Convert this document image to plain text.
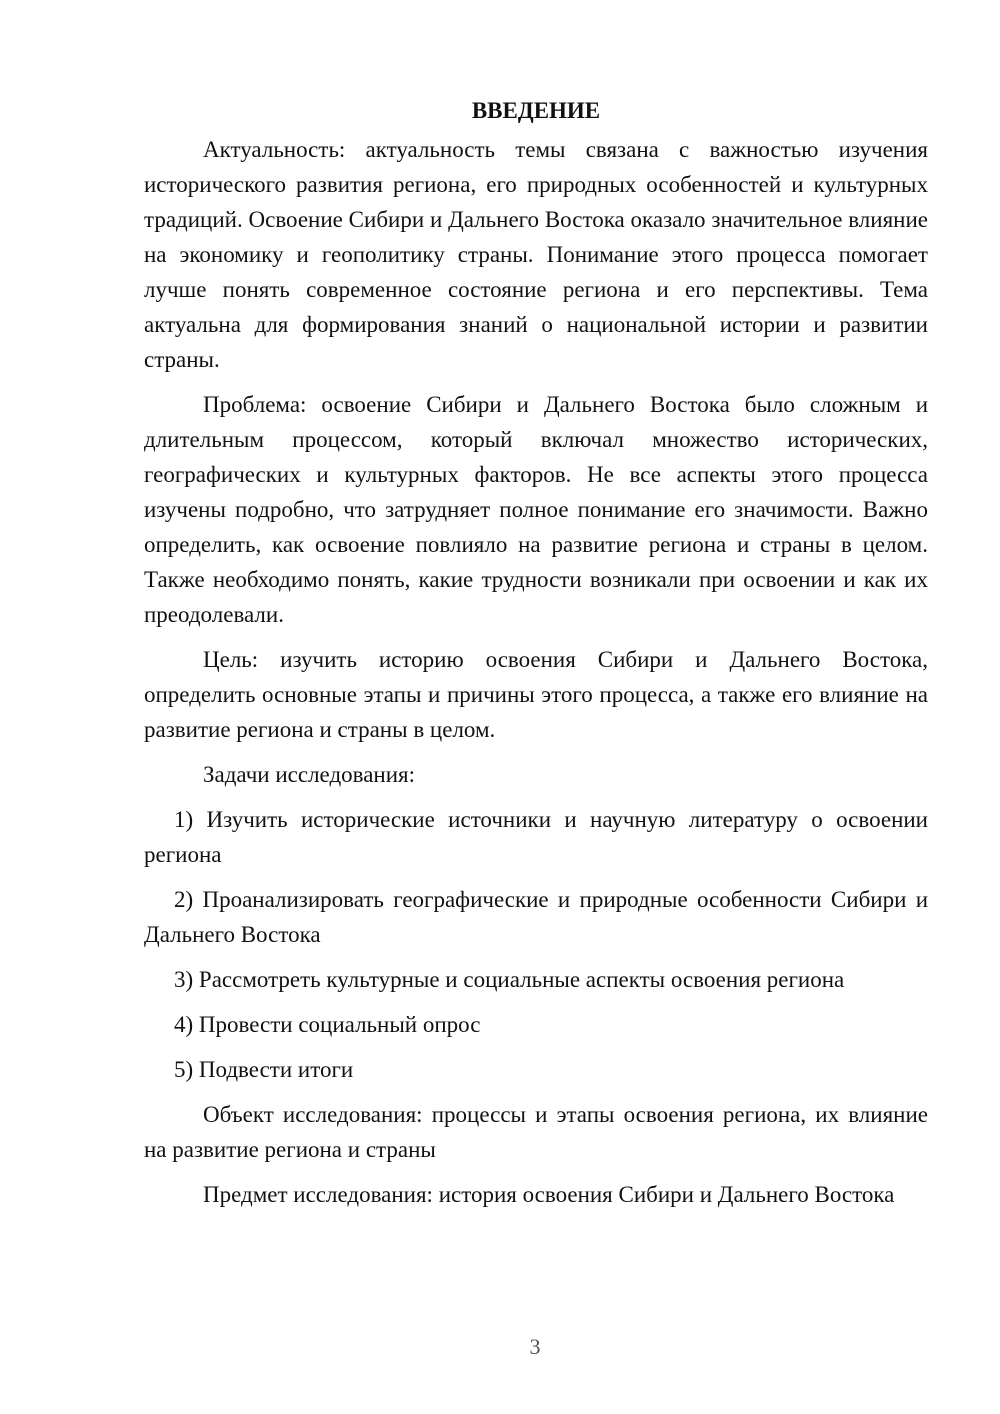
ВВЕДЕНИЕ

Актуальность: актуальность темы связана с важностью изучения исторического развития региона, его природных особенностей и культурных традиций. Освоение Сибири и Дальнего Востока оказало значительное влияние на экономику и геополитику страны. Понимание этого процесса помогает лучше понять современное состояние региона и его перспективы. Тема актуальна для формирования знаний о национальной истории и развитии страны.

Проблема: освоение Сибири и Дальнего Востока было сложным и длительным процессом, который включал множество исторических, географических и культурных факторов. Не все аспекты этого процесса изучены подробно, что затрудняет полное понимание его значимости. Важно определить, как освоение повлияло на развитие региона и страны в целом. Также необходимо понять, какие трудности возникали при освоении и как их преодолевали.

Цель: изучить историю освоения Сибири и Дальнего Востока, определить основные этапы и причины этого процесса, а также его влияние на развитие региона и страны в целом.

Задачи исследования:

1) Изучить исторические источники и научную литературу о освоении региона

2) Проанализировать географические и природные особенности Сибири и Дальнего Востока

3) Рассмотреть культурные и социальные аспекты освоения региона

4) Провести социальный опрос

5) Подвести итоги

Объект исследования: процессы и этапы освоения региона, их влияние на развитие региона и страны

Предмет исследования: история освоения Сибири и Дальнего Востока

3
